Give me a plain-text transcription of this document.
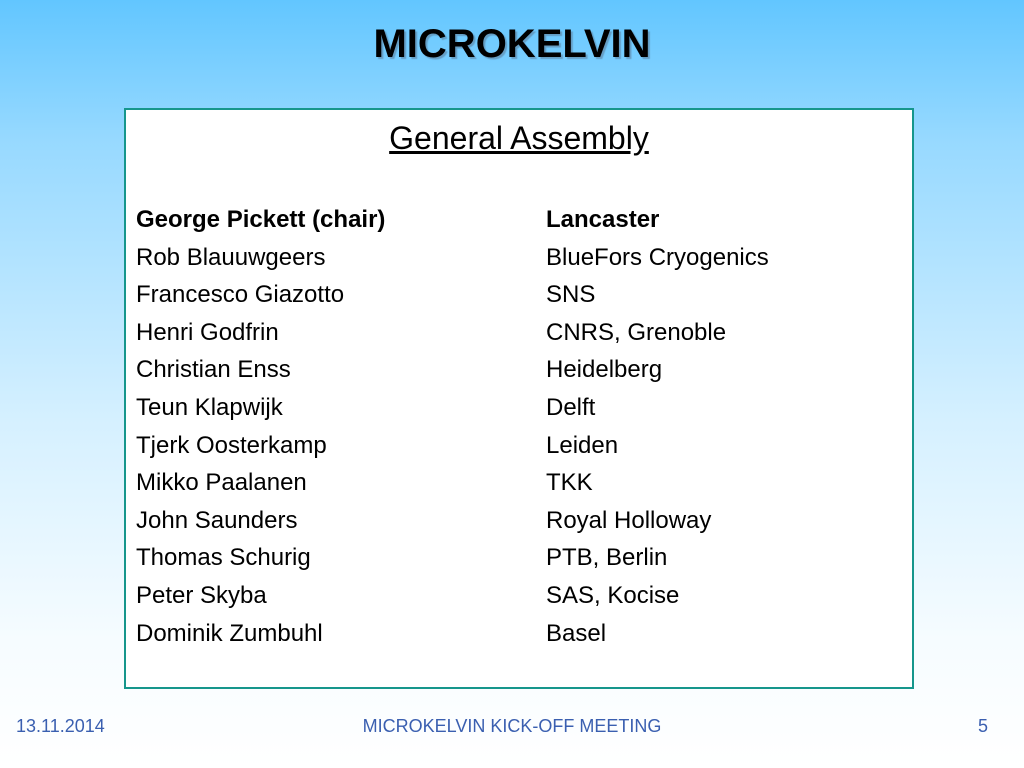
MICROKELVIN
General Assembly
George Pickett (chair)	Lancaster
Rob Blauuwgeers	BlueFors Cryogenics
Francesco Giazotto	SNS
Henri Godfrin	CNRS, Grenoble
Christian Enss	Heidelberg
Teun Klapwijk	Delft
Tjerk Oosterkamp	Leiden
Mikko Paalanen	TKK
John Saunders	Royal Holloway
Thomas Schurig	PTB, Berlin
Peter Skyba	SAS, Kocise
Dominik Zumbuhl	Basel
13.11.2014	MICROKELVIN KICK-OFF MEETING	5
